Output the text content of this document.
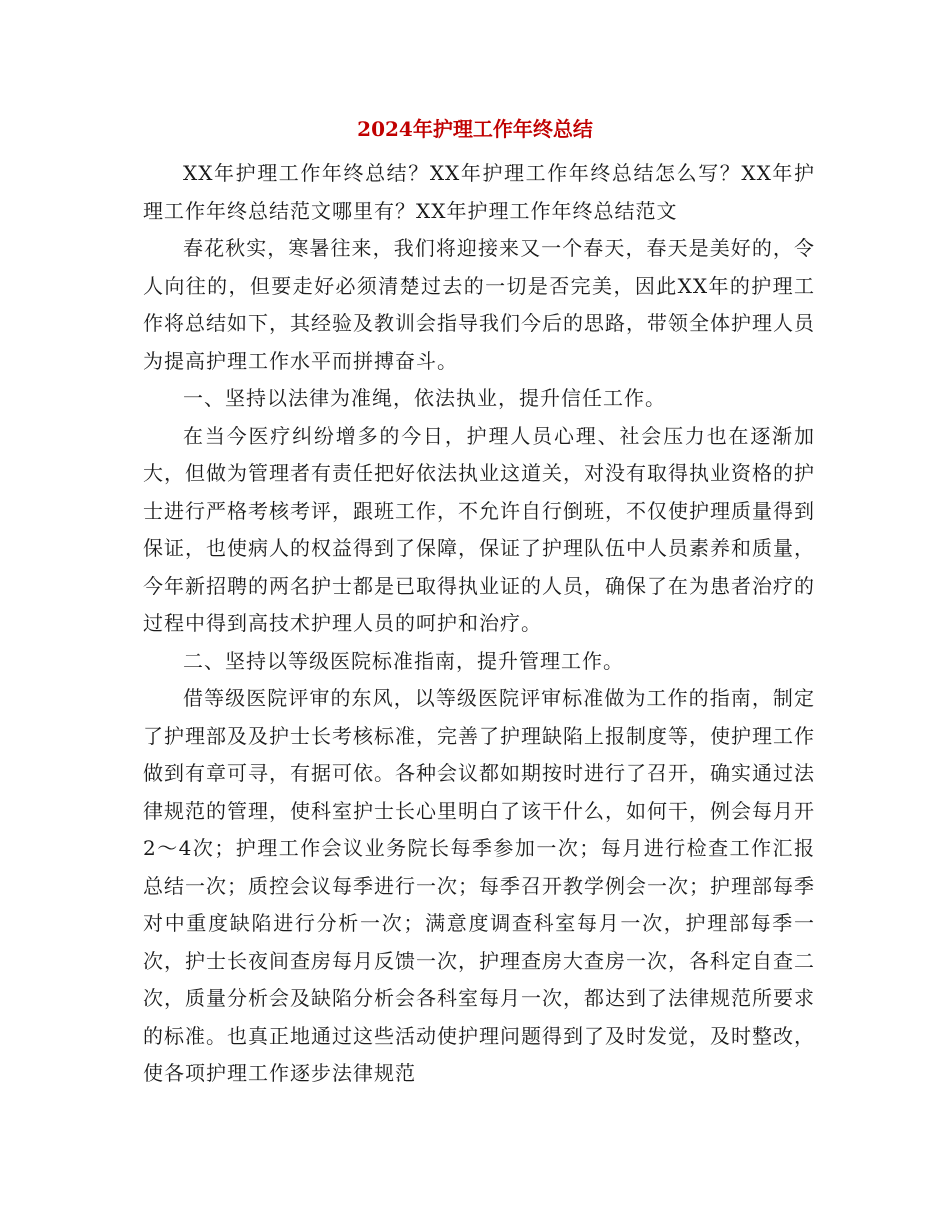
2024年护理工作年终总结

XX年护理工作年终总结？XX年护理工作年终总结怎么写？XX年护理工作年终总结范文哪里有？XX年护理工作年终总结范文

春花秋实，寒暑往来，我们将迎接来又一个春天，春天是美好的，令人向往的，但要走好必须清楚过去的一切是否完美，因此XX年的护理工作将总结如下，其经验及教训会指导我们今后的思路，带领全体护理人员为提高护理工作水平而拼搏奋斗。

一、坚持以法律为准绳，依法执业，提升信任工作。

在当今医疗纠纷增多的今日，护理人员心理、社会压力也在逐渐加大，但做为管理者有责任把好依法执业这道关，对没有取得执业资格的护士进行严格考核考评，跟班工作，不允许自行倒班，不仅使护理质量得到保证，也使病人的权益得到了保障，保证了护理队伍中人员素养和质量，今年新招聘的两名护士都是已取得执业证的人员，确保了在为患者治疗的过程中得到高技术护理人员的呵护和治疗。

二、坚持以等级医院标准指南，提升管理工作。

借等级医院评审的东风，以等级医院评审标准做为工作的指南，制定了护理部及及护士长考核标准，完善了护理缺陷上报制度等，使护理工作做到有章可寻，有据可依。各种会议都如期按时进行了召开，确实通过法律规范的管理，使科室护士长心里明白了该干什么，如何干，例会每月开2～4次；护理工作会议业务院长每季参加一次；每月进行检查工作汇报总结一次；质控会议每季进行一次；每季召开教学例会一次；护理部每季对中重度缺陷进行分析一次；满意度调查科室每月一次，护理部每季一次，护士长夜间查房每月反馈一次，护理查房大查房一次，各科定自查二次，质量分析会及缺陷分析会各科室每月一次，都达到了法律规范所要求的标准。也真正地通过这些活动使护理问题得到了及时发觉，及时整改，使各项护理工作逐步法律规范
